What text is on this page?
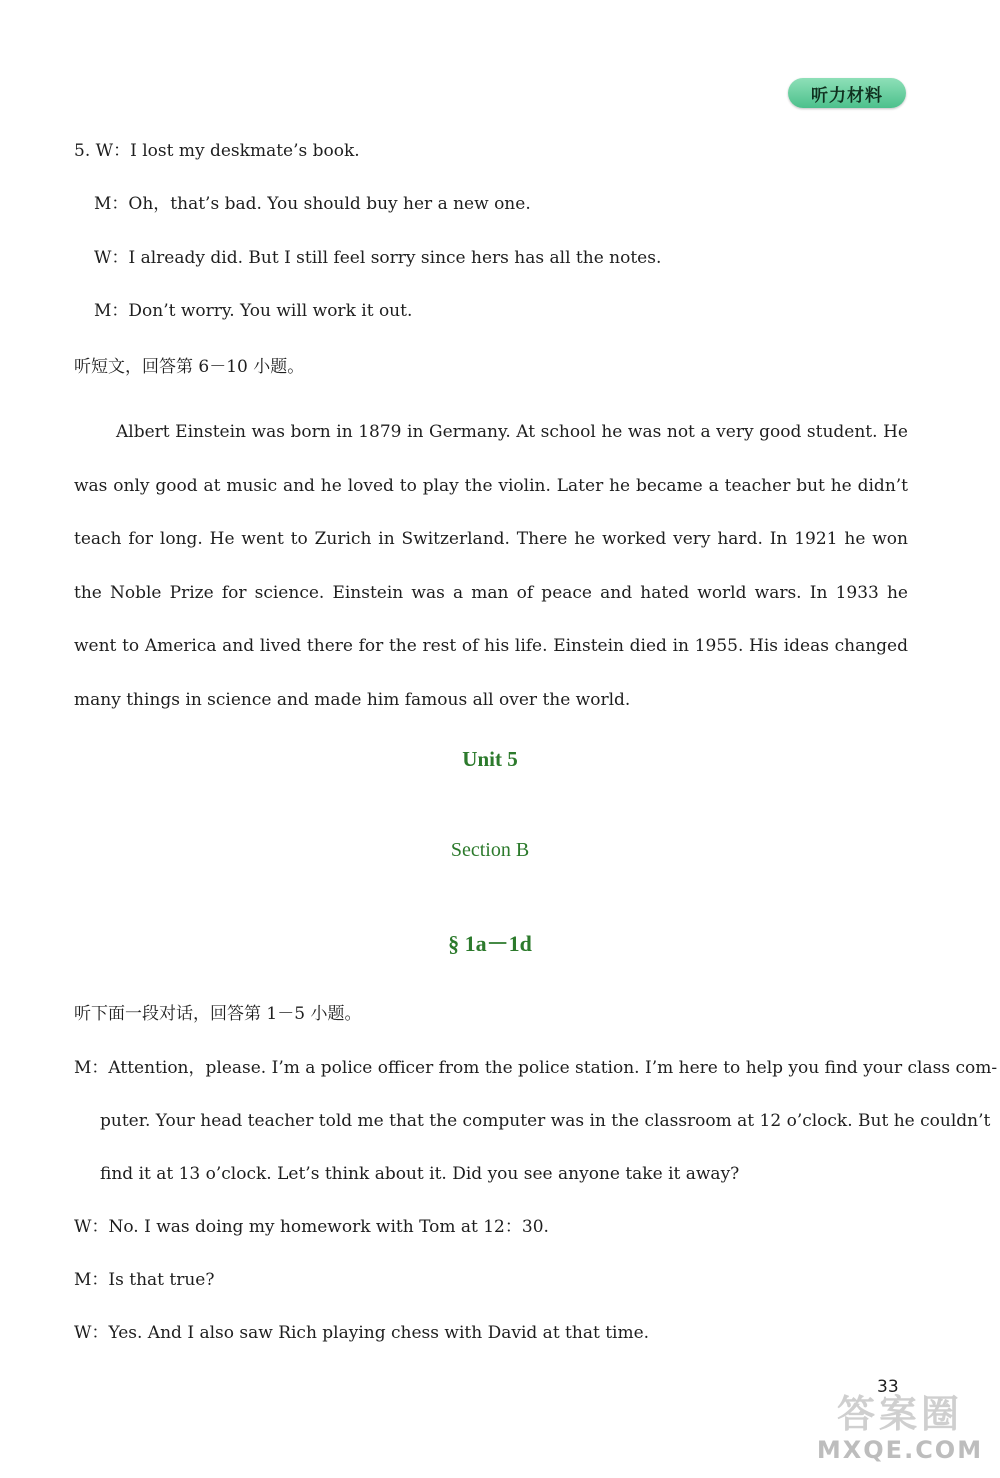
听力材料
5. W：I lost my deskmate’s book.
M：Oh，that’s bad. You should buy her a new one.
W：I already did. But I still feel sorry since hers has all the notes.
M：Don’t worry. You will work it out.
听短文，回答第 6－10 小题。
Albert Einstein was born in 1879 in Germany. At school he was not a very good student. He was only good at music and he loved to play the violin. Later he became a teacher but he didn’t teach for long. He went to Zurich in Switzerland. There he worked very hard. In 1921 he won the Noble Prize for science. Einstein was a man of peace and hated world wars. In 1933 he went to America and lived there for the rest of his life. Einstein died in 1955. His ideas changed many things in science and made him famous all over the world.
Unit 5
Section B
§ 1a－1d
听下面一段对话，回答第 1－5 小题。
M：Attention，please. I’m a police officer from the police station. I’m here to help you find your class com-
puter. Your head teacher told me that the computer was in the classroom at 12 o’clock. But he couldn’t
find it at 13 o’clock. Let’s think about it. Did you see anyone take it away?
W：No. I was doing my homework with Tom at 12：30.
M：Is that true?
W：Yes. And I also saw Rich playing chess with David at that time.
33
答案圈
MXQE.COM
